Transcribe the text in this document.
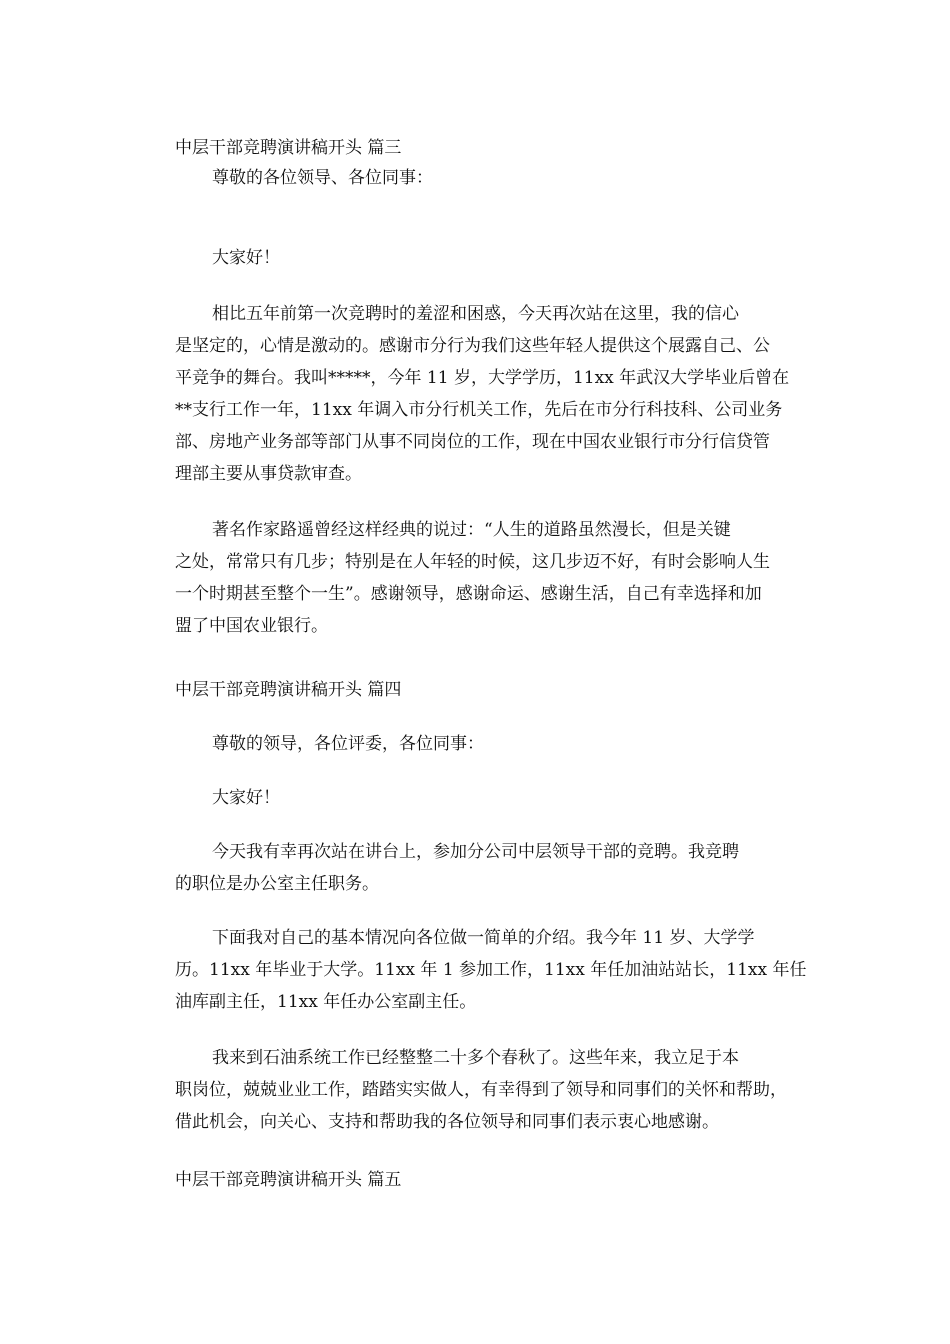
中层干部竞聘演讲稿开头 篇三
尊敬的各位领导、各位同事：
大家好！
相比五年前第一次竞聘时的羞涩和困惑，今天再次站在这里，我的信心
是坚定的，心情是激动的。感谢市分行为我们这些年轻人提供这个展露自己、公
平竞争的舞台。我叫*****，今年 11 岁，大学学历，11xx 年武汉大学毕业后曾在
**支行工作一年，11xx 年调入市分行机关工作，先后在市分行科技科、公司业务
部、房地产业务部等部门从事不同岗位的工作，现在中国农业银行市分行信贷管
理部主要从事贷款审查。
著名作家路遥曾经这样经典的说过：“人生的道路虽然漫长，但是关键
之处，常常只有几步；特别是在人年轻的时候，这几步迈不好，有时会影响人生
一个时期甚至整个一生”。感谢领导，感谢命运、感谢生活，自己有幸选择和加
盟了中国农业银行。
中层干部竞聘演讲稿开头 篇四
尊敬的领导，各位评委，各位同事：
大家好！
今天我有幸再次站在讲台上，参加分公司中层领导干部的竞聘。我竞聘
的职位是办公室主任职务。
下面我对自己的基本情况向各位做一简单的介绍。我今年 11 岁、大学学
历。11xx 年毕业于大学。11xx 年 1 参加工作，11xx 年任加油站站长，11xx 年任
油库副主任，11xx 年任办公室副主任。
我来到石油系统工作已经整整二十多个春秋了。这些年来，我立足于本
职岗位，兢兢业业工作，踏踏实实做人，有幸得到了领导和同事们的关怀和帮助，
借此机会，向关心、支持和帮助我的各位领导和同事们表示衷心地感谢。
中层干部竞聘演讲稿开头 篇五
